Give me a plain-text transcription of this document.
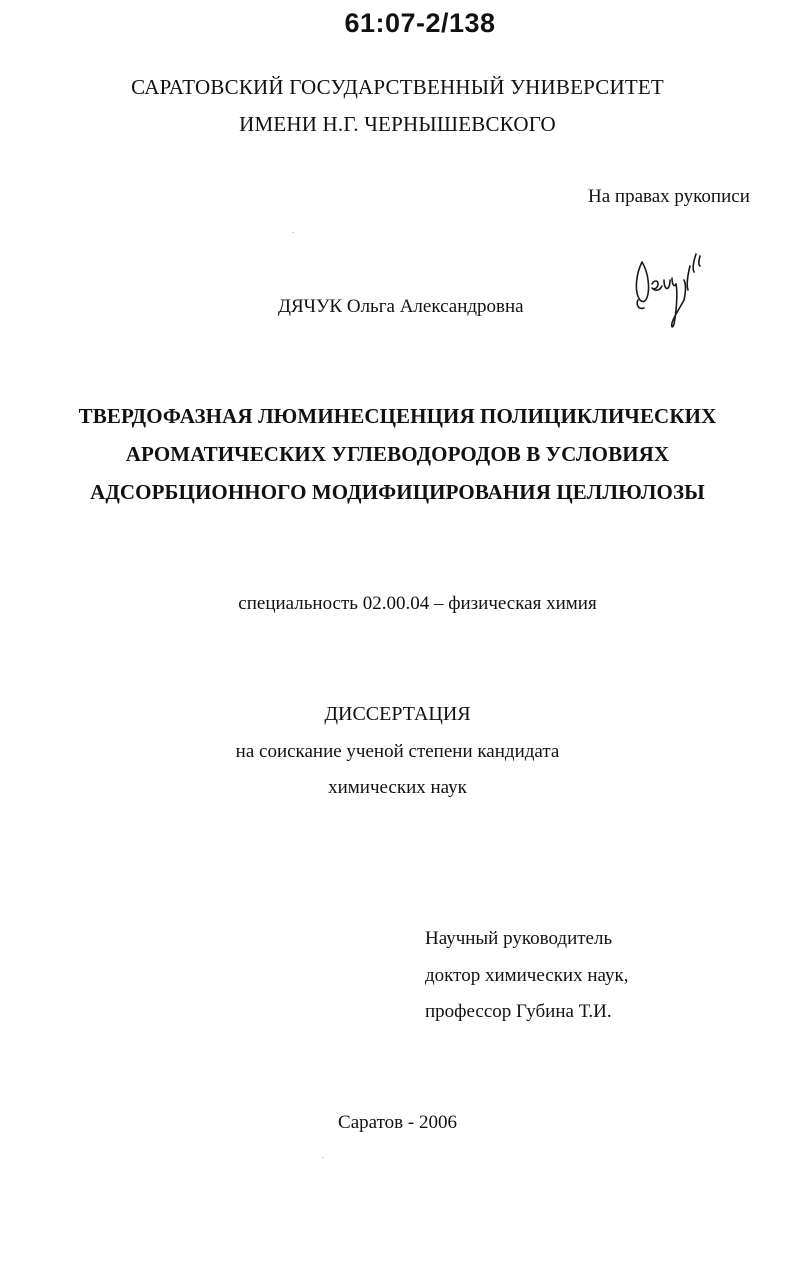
61:07-2/138
САРАТОВСКИЙ ГОСУДАРСТВЕННЫЙ УНИВЕРСИТЕТ
ИМЕНИ Н.Г. ЧЕРНЫШЕВСКОГО
На правах рукописи
ДЯЧУК Ольга Александровна
ТВЕРДОФАЗНАЯ ЛЮМИНЕСЦЕНЦИЯ ПОЛИЦИКЛИЧЕСКИХ
АРОМАТИЧЕСКИХ УГЛЕВОДОРОДОВ В УСЛОВИЯХ
АДСОРБЦИОННОГО МОДИФИЦИРОВАНИЯ ЦЕЛЛЮЛОЗЫ
специальность 02.00.04 – физическая химия
ДИССЕРТАЦИЯ
на соискание ученой степени кандидата
химических наук
Научный руководитель
доктор химических наук,
профессор Губина Т.И.
Саратов - 2006
